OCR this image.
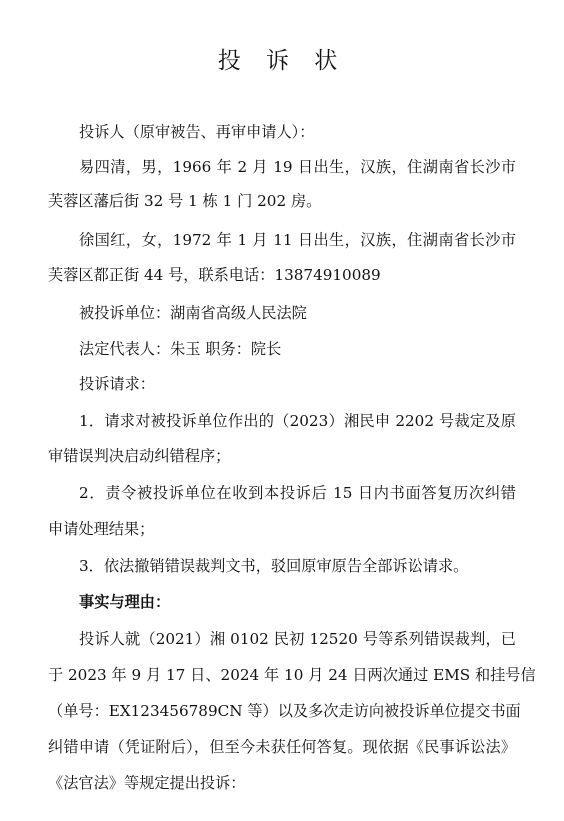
投 诉 状
投诉人（原审被告、再审申请人）：
易四清，男，1966 年 2 月 19 日出生，汉族，住湖南省长沙市
芙蓉区藩后街 32 号 1 栋 1 门 202 房。
徐国红，女，1972 年 1 月 11 日出生，汉族，住湖南省长沙市
芙蓉区都正街 44 号，联系电话：13874910089
被投诉单位：湖南省高级人民法院
法定代表人：朱玉 职务：院长
投诉请求：
1．请求对被投诉单位作出的（2023）湘民申 2202 号裁定及原
审错误判决启动纠错程序；
2．责令被投诉单位在收到本投诉后 15 日内书面答复历次纠错
申请处理结果；
3．依法撤销错误裁判文书，驳回原审原告全部诉讼请求。
事实与理由：
投诉人就（2021）湘 0102 民初 12520 号等系列错误裁判，已
于 2023 年 9 月 17 日、2024 年 10 月 24 日两次通过 EMS 和挂号信
（单号：EX123456789CN 等）以及多次走访向被投诉单位提交书面
纠错申请（凭证附后），但至今未获任何答复。现依据《民事诉讼法》
《法官法》等规定提出投诉：
